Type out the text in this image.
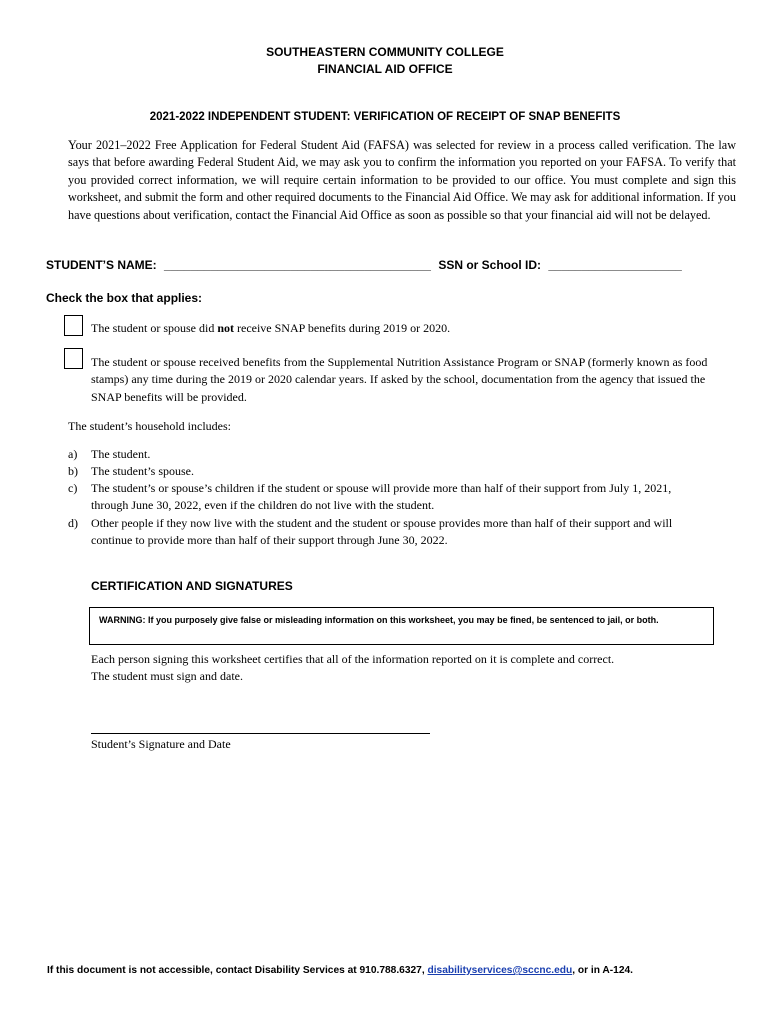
SOUTHEASTERN COMMUNITY COLLEGE
FINANCIAL AID OFFICE
2021-2022 INDEPENDENT STUDENT: VERIFICATION OF RECEIPT OF SNAP BENEFITS
Your 2021–2022 Free Application for Federal Student Aid (FAFSA) was selected for review in a process called verification. The law says that before awarding Federal Student Aid, we may ask you to confirm the information you reported on your FAFSA. To verify that you provided correct information, we will require certain information to be provided to our office. You must complete and sign this worksheet, and submit the form and other required documents to the Financial Aid Office. We may ask for additional information. If you have questions about verification, contact the Financial Aid Office as soon as possible so that your financial aid will not be delayed.
STUDENT’S NAME: ________________________________________ SSN or School ID: ____________________
Check the box that applies:
The student or spouse did not receive SNAP benefits during 2019 or 2020.
The student or spouse received benefits from the Supplemental Nutrition Assistance Program or SNAP (formerly known as food stamps) any time during the 2019 or 2020 calendar years. If asked by the school, documentation from the agency that issued the SNAP benefits will be provided.
The student’s household includes:
a) The student.
b) The student’s spouse.
c) The student’s or spouse’s children if the student or spouse will provide more than half of their support from July 1, 2021, through June 30, 2022, even if the children do not live with the student.
d) Other people if they now live with the student and the student or spouse provides more than half of their support and will continue to provide more than half of their support through June 30, 2022.
CERTIFICATION AND SIGNATURES
WARNING: If you purposely give false or misleading information on this worksheet, you may be fined, be sentenced to jail, or both.
Each person signing this worksheet certifies that all of the information reported on it is complete and correct.
The student must sign and date.
Student’s Signature and Date
If this document is not accessible, contact Disability Services at 910.788.6327, disabilityservices@sccnc.edu, or in A-124.
